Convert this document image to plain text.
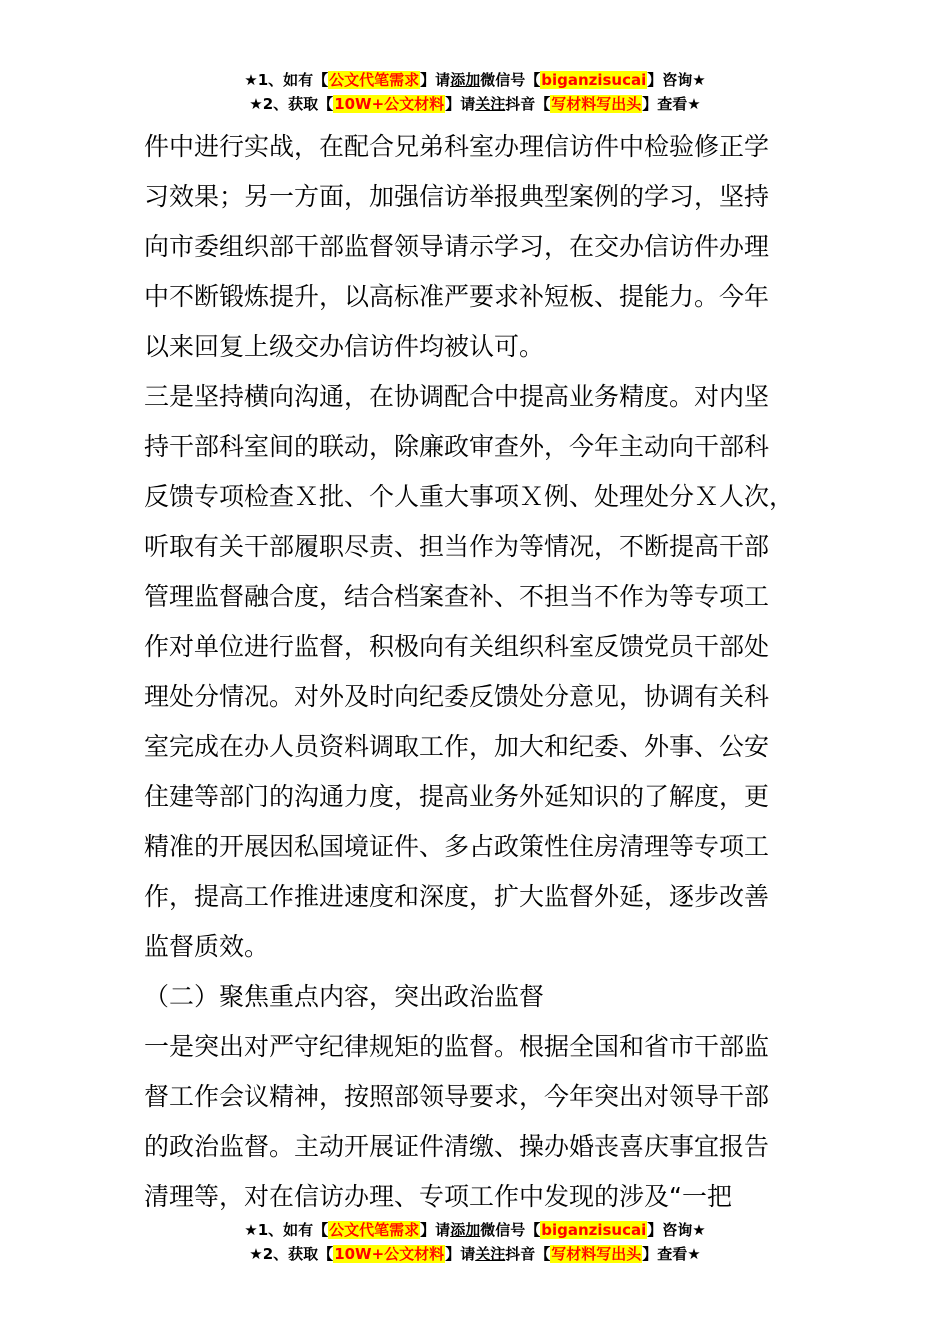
★1、如有【公文代笔需求】请添加微信号【biganzisucai】咨询★
★2、获取【10W+公文材料】请关注抖音【写材料写出头】查看★

件中进行实战，在配合兄弟科室办理信访件中检验修正学
习效果；另一方面，加强信访举报典型案例的学习，坚持
向市委组织部干部监督领导请示学习，在交办信访件办理
中不断锻炼提升，以高标准严要求补短板、提能力。今年
以来回复上级交办信访件均被认可。

三是坚持横向沟通，在协调配合中提高业务精度。对内坚
持干部科室间的联动，除廉政审查外，今年主动向干部科
反馈专项检查Ｘ批、个人重大事项Ｘ例、处理处分Ｘ人次，
听取有关干部履职尽责、担当作为等情况，不断提高干部
管理监督融合度，结合档案查补、不担当不作为等专项工
作对单位进行监督，积极向有关组织科室反馈党员干部处
理处分情况。对外及时向纪委反馈处分意见，协调有关科
室完成在办人员资料调取工作，加大和纪委、外事、公安
住建等部门的沟通力度，提高业务外延知识的了解度，更
精准的开展因私国境证件、多占政策性住房清理等专项工
作，提高工作推进速度和深度，扩大监督外延，逐步改善
监督质效。

（二）聚焦重点内容，突出政治监督

一是突出对严守纪律规矩的监督。根据全国和省市干部监
督工作会议精神，按照部领导要求，今年突出对领导干部
的政治监督。主动开展证件清缴、操办婚丧喜庆事宜报告
清理等，对在信访办理、专项工作中发现的涉及“一把

★1、如有【公文代笔需求】请添加微信号【biganzisucai】咨询★
★2、获取【10W+公文材料】请关注抖音【写材料写出头】查看★
